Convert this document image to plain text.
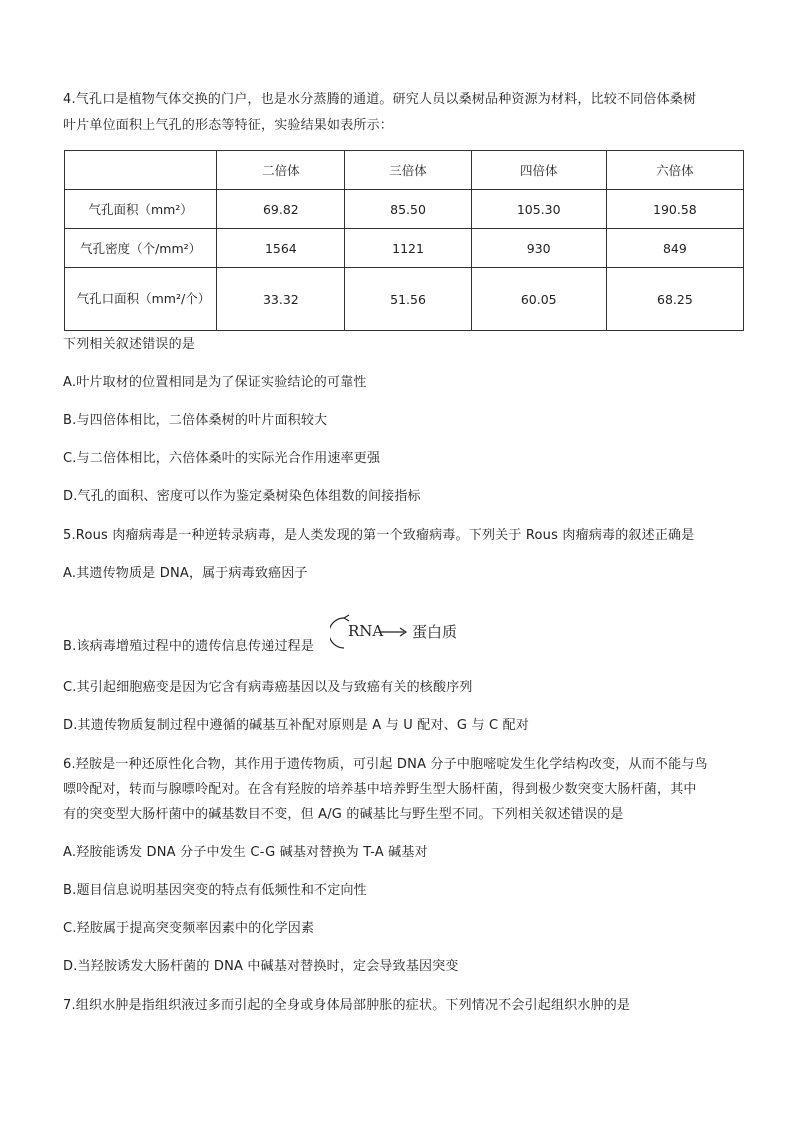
4.气孔口是植物气体交换的门户，也是水分蒸腾的通道。研究人员以桑树品种资源为材料，比较不同倍体桑树
叶片单位面积上气孔的形态等特征，实验结果如表所示：
	二倍体	三倍体	四倍体	六倍体
气孔面积（mm²）	69.82	85.50	105.30	190.58
气孔密度（个/mm²）	1564	1121	930	849
气孔口面积（mm²/个）	33.32	51.56	60.05	68.25
下列相关叙述错误的是
A.叶片取材的位置相同是为了保证实验结论的可靠性
B.与四倍体相比，二倍体桑树的叶片面积较大
C.与二倍体相比，六倍体桑叶的实际光合作用速率更强
D.气孔的面积、密度可以作为鉴定桑树染色体组数的间接指标
5.Rous 肉瘤病毒是一种逆转录病毒，是人类发现的第一个致瘤病毒。下列关于 Rous 肉瘤病毒的叙述正确是
A.其遗传物质是 DNA，属于病毒致癌因子
B.该病毒增殖过程中的遗传信息传递过程是
RNA 蛋白质
C.其引起细胞癌变是因为它含有病毒癌基因以及与致癌有关的核酸序列
D.其遗传物质复制过程中遵循的碱基互补配对原则是 A 与 U 配对、G 与 C 配对
6.羟胺是一种还原性化合物，其作用于遗传物质，可引起 DNA 分子中胞嘧啶发生化学结构改变，从而不能与鸟
嘌呤配对，转而与腺嘌呤配对。在含有羟胺的培养基中培养野生型大肠杆菌，得到极少数突变大肠杆菌，其中
有的突变型大肠杆菌中的碱基数目不变，但 A/G 的碱基比与野生型不同。下列相关叙述错误的是
A.羟胺能诱发 DNA 分子中发生 C-G 碱基对替换为 T-A 碱基对
B.题目信息说明基因突变的特点有低频性和不定向性
C.羟胺属于提高突变频率因素中的化学因素
D.当羟胺诱发大肠杆菌的 DNA 中碱基对替换时，定会导致基因突变
7.组织水肿是指组织液过多而引起的全身或身体局部肿胀的症状。下列情况不会引起组织水肿的是
